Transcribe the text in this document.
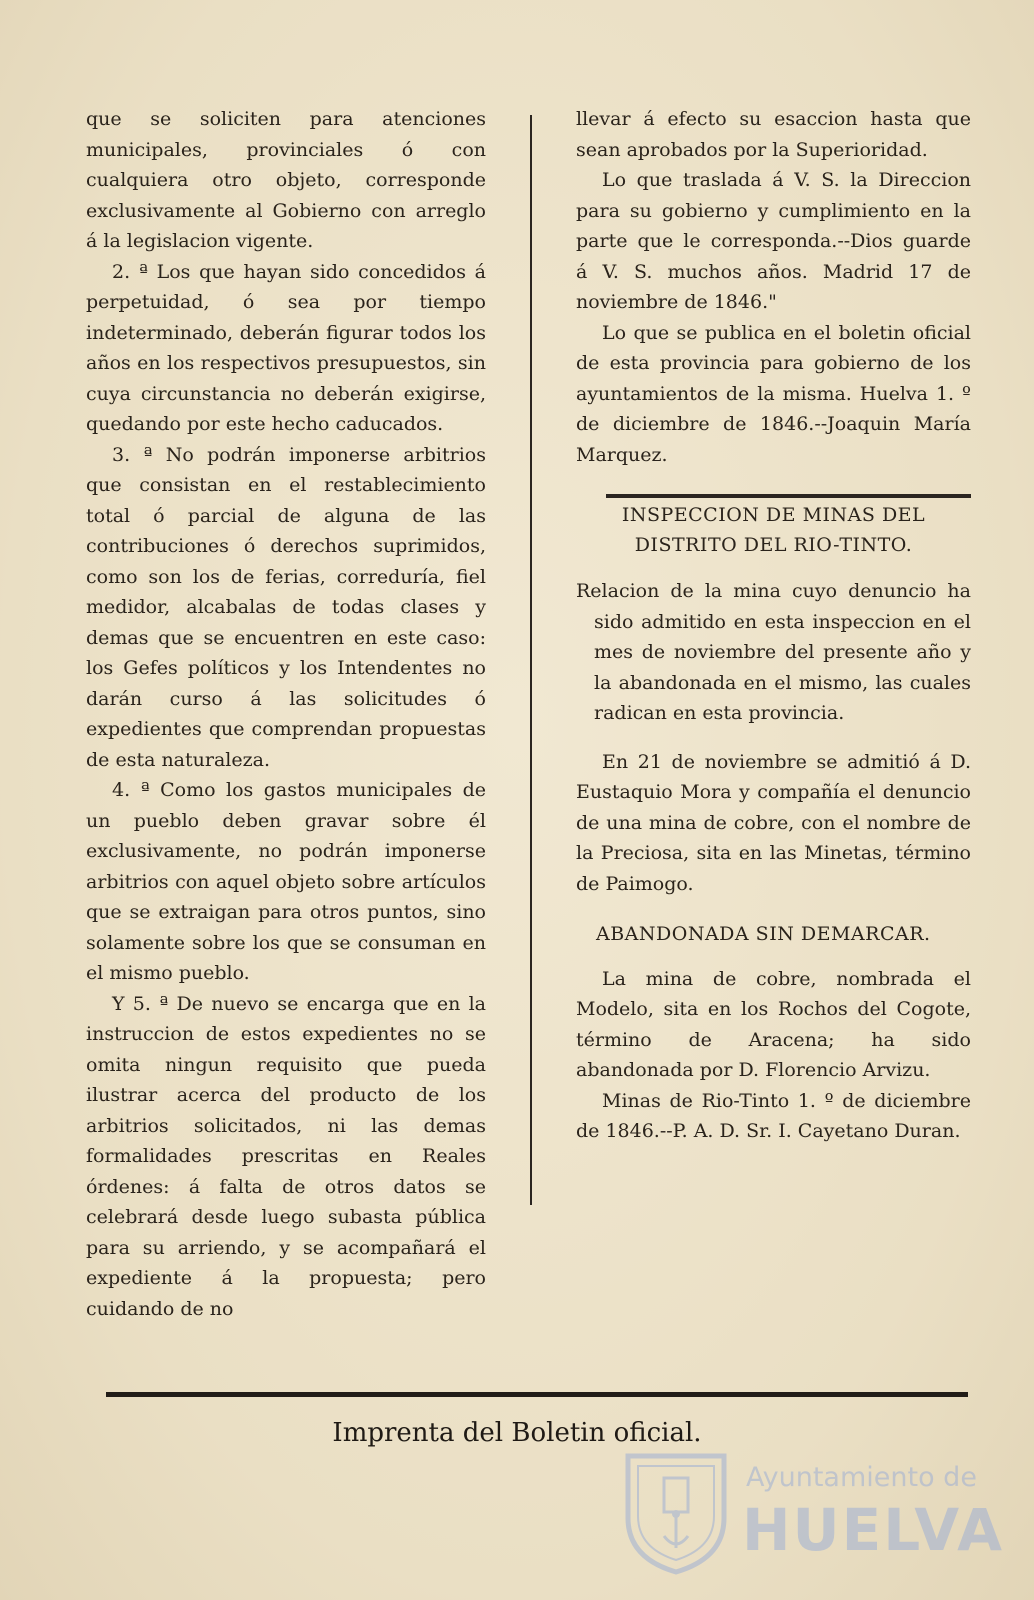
que se soliciten para atenciones municipales, provinciales ó con cualquiera otro objeto, corresponde exclusivamente al Gobierno con arreglo á la legislacion vigente.

2. ª Los que hayan sido concedidos á perpetuidad, ó sea por tiempo indeterminado, deberán figurar todos los años en los respectivos presupuestos, sin cuya circunstancia no deberán exigirse, quedando por este hecho caducados.

3. ª No podrán imponerse arbitrios que consistan en el restablecimiento total ó parcial de alguna de las contribuciones ó derechos suprimidos, como son los de ferias, correduría, fiel medidor, alcabalas de todas clases y demas que se encuentren en este caso: los Gefes políticos y los Intendentes no darán curso á las solicitudes ó expedientes que comprendan propuestas de esta naturaleza.

4. ª Como los gastos municipales de un pueblo deben gravar sobre él exclusivamente, no podrán imponerse arbitrios con aquel objeto sobre artículos que se extraigan para otros puntos, sino solamente sobre los que se consuman en el mismo pueblo.

Y 5. ª De nuevo se encarga que en la instruccion de estos expedientes no se omita ningun requisito que pueda ilustrar acerca del producto de los arbitrios solicitados, ni las demas formalidades prescritas en Reales órdenes: á falta de otros datos se celebrará desde luego subasta pública para su arriendo, y se acompañará el expediente á la propuesta; pero cuidando de no

llevar á efecto su esaccion hasta que sean aprobados por la Superioridad.

Lo que traslada á V. S. la Direccion para su gobierno y cumplimiento en la parte que le corresponda.--Dios guarde á V. S. muchos años. Madrid 17 de noviembre de 1846."

Lo que se publica en el boletin oficial de esta provincia para gobierno de los ayuntamientos de la misma. Huelva 1. º de diciembre de 1846.--Joaquin María Marquez.

INSPECCION DE MINAS DEL DISTRITO DEL RIO-TINTO.

Relacion de la mina cuyo denuncio ha sido admitido en esta inspeccion en el mes de noviembre del presente año y la abandonada en el mismo, las cuales radican en esta provincia.

En 21 de noviembre se admitió á D. Eustaquio Mora y compañía el denuncio de una mina de cobre, con el nombre de la Preciosa, sita en las Minetas, término de Paimogo.

ABANDONADA SIN DEMARCAR.

La mina de cobre, nombrada el Modelo, sita en los Rochos del Cogote, término de Aracena; ha sido abandonada por D. Florencio Arvizu.

Minas de Rio-Tinto 1. º de diciembre de 1846.--P. A. D. Sr. I. Cayetano Duran.

Imprenta del Boletin oficial.
Ayuntamiento de
HUELVA
